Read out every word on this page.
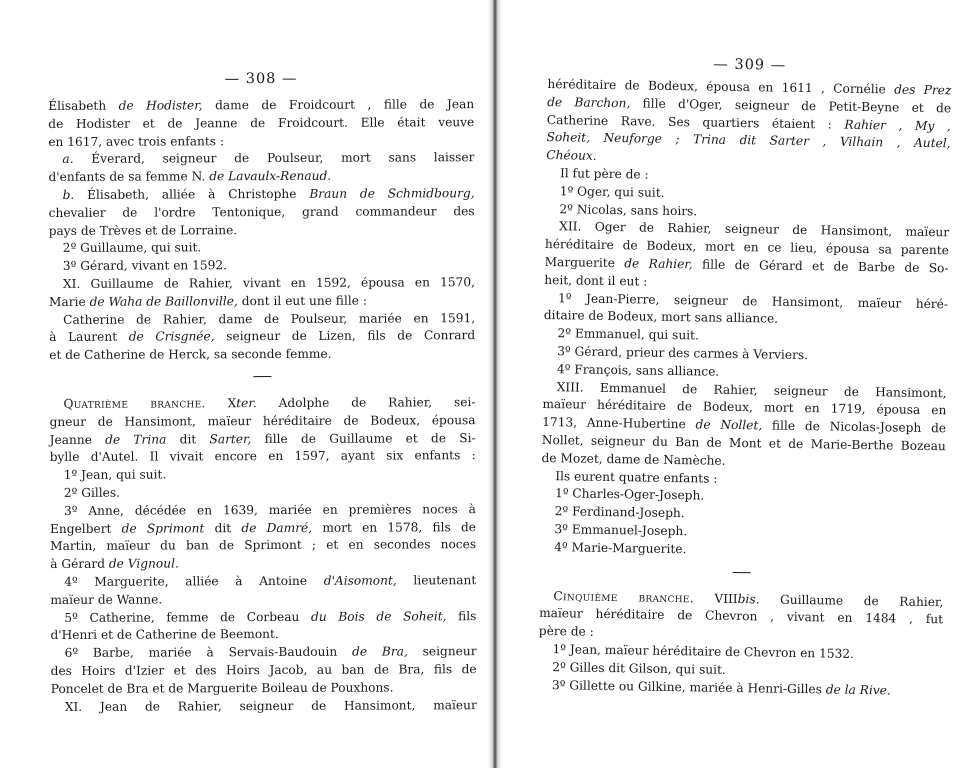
— 308 —
Élisabeth de Hodister, dame de Froidcourt , fille de Jean
de Hodister et de Jeanne de Froidcourt. Elle était veuve
en 1617, avec trois enfants :
a. Éverard, seigneur de Poulseur, mort sans laisser
d'enfants de sa femme N. de Lavaulx-Renaud.
b. Élisabeth, alliée à Christophe Braun de Schmidbourg,
chevalier de l'ordre Tentonique, grand commandeur des
pays de Trèves et de Lorraine.
2º Guillaume, qui suit.
3º Gérard, vivant en 1592.
XI. Guillaume de Rahier, vivant en 1592, épousa en 1570,
Marie de Waha de Baillonville, dont il eut une fille :
Catherine de Rahier, dame de Poulseur, mariée en 1591,
à Laurent de Crisgnée, seigneur de Lizen, fils de Conrard
et de Catherine de Herck, sa seconde femme.
Quatrième branche. Xter. Adolphe de Rahier, sei-
gneur de Hansimont, maïeur héréditaire de Bodeux, épousa
Jeanne de Trina dit Sarter, fille de Guillaume et de Si-
bylle d'Autel. Il vivait encore en 1597, ayant six enfants :
1º Jean, qui suit.
2º Gilles.
3º Anne, décédée en 1639, mariée en premières noces à
Engelbert de Sprimont dit de Damré, mort en 1578, fils de
Martin, maïeur du ban de Sprimont ; et en secondes noces
à Gérard de Vignoul.
4º Marguerite, alliée à Antoine d'Aisomont, lieutenant
maïeur de Wanne.
5º Catherine, femme de Corbeau du Bois de Soheit, fils
d'Henri et de Catherine de Beemont.
6º Barbe, mariée à Servais-Baudouin de Bra, seigneur
des Hoirs d'Izier et des Hoirs Jacob, au ban de Bra, fils de
Poncelet de Bra et de Marguerite Boileau de Pouxhons.
XI. Jean de Rahier, seigneur de Hansimont, maïeur
— 309 —
héréditaire de Bodeux, épousa en 1611 , Cornélie des Prez
de Barchon, fille d'Oger, seigneur de Petit-Beyne et de
Catherine Rave. Ses quartiers étaient : Rahier , My ,
Soheit, Neuforge ; Trina dit Sarter , Vilhain , Autel,
Chéoux.
Il fut père de :
1º Oger, qui suit.
2º Nicolas, sans hoirs.
XII. Oger de Rahier, seigneur de Hansimont, maïeur
héréditaire de Bodeux, mort en ce lieu, épousa sa parente
Marguerite de Rahier, fille de Gérard et de Barbe de So-
heit, dont il eut :
1º Jean-Pierre, seigneur de Hansimont, maïeur héré-
ditaire de Bodeux, mort sans alliance.
2º Emmanuel, qui suit.
3º Gérard, prieur des carmes à Verviers.
4º François, sans alliance.
XIII. Emmanuel de Rahier, seigneur de Hansimont,
maïeur héréditaire de Bodeux, mort en 1719, épousa en
1713, Anne-Hubertine de Nollet, fille de Nicolas-Joseph de
Nollet, seigneur du Ban de Mont et de Marie-Berthe Bozeau
de Mozet, dame de Namèche.
Ils eurent quatre enfants :
1º Charles-Oger-Joseph.
2º Ferdinand-Joseph.
3º Emmanuel-Joseph.
4º Marie-Marguerite.
Cinquième branche. VIIIbis. Guillaume de Rahier,
maïeur héréditaire de Chevron , vivant en 1484 , fut
père de :
1º Jean, maïeur héréditaire de Chevron en 1532.
2º Gilles dit Gilson, qui suit.
3º Gillette ou Gilkine, mariée à Henri-Gilles de la Rive.
